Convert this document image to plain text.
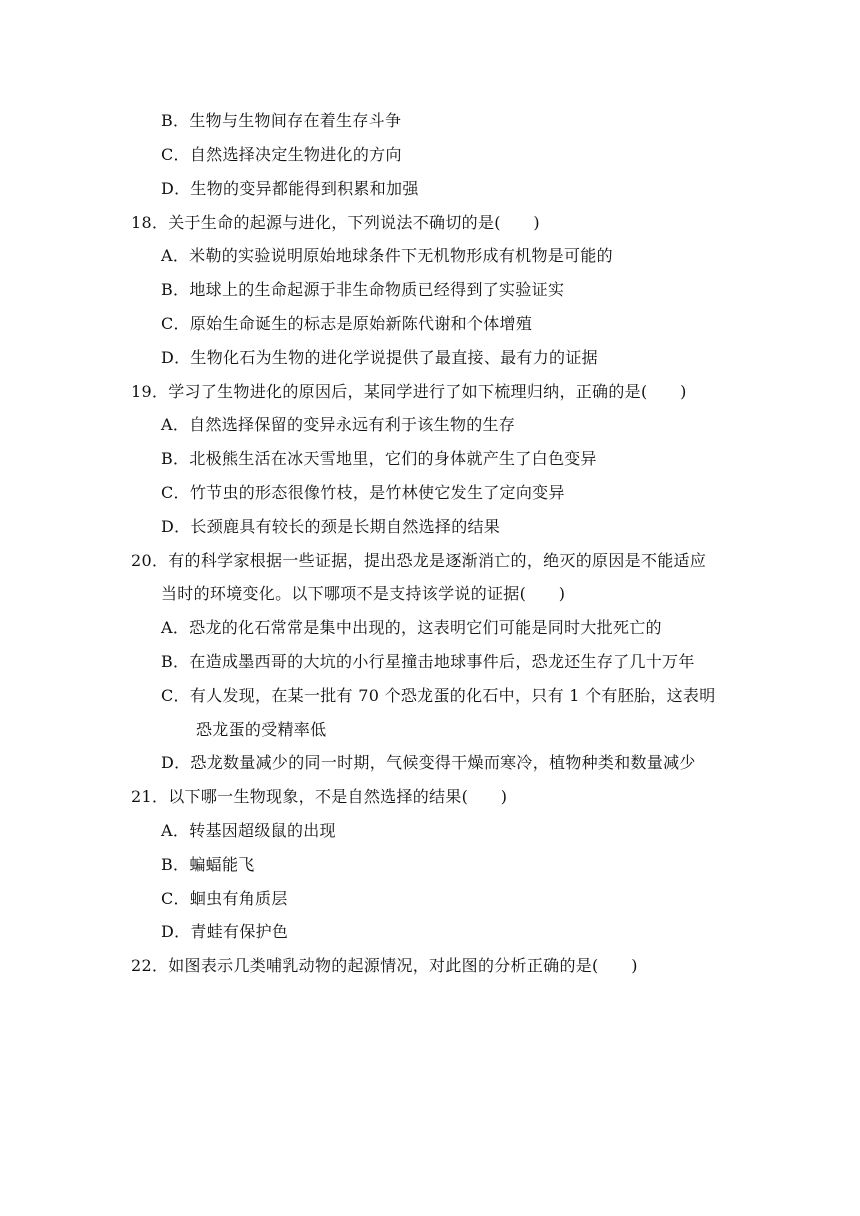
B．生物与生物间存在着生存斗争
C．自然选择决定生物进化的方向
D．生物的变异都能得到积累和加强
18．关于生命的起源与进化，下列说法不确切的是(　　)
A．米勒的实验说明原始地球条件下无机物形成有机物是可能的
B．地球上的生命起源于非生命物质已经得到了实验证实
C．原始生命诞生的标志是原始新陈代谢和个体增殖
D．生物化石为生物的进化学说提供了最直接、最有力的证据
19．学习了生物进化的原因后，某同学进行了如下梳理归纳，正确的是(　　)
A．自然选择保留的变异永远有利于该生物的生存
B．北极熊生活在冰天雪地里，它们的身体就产生了白色变异
C．竹节虫的形态很像竹枝，是竹林使它发生了定向变异
D．长颈鹿具有较长的颈是长期自然选择的结果
20．有的科学家根据一些证据，提出恐龙是逐渐消亡的，绝灭的原因是不能适应
当时的环境变化。以下哪项不是支持该学说的证据(　　)
A．恐龙的化石常常是集中出现的，这表明它们可能是同时大批死亡的
B．在造成墨西哥的大坑的小行星撞击地球事件后，恐龙还生存了几十万年
C．有人发现，在某一批有 70 个恐龙蛋的化石中，只有 1 个有胚胎，这表明
恐龙蛋的受精率低
D．恐龙数量减少的同一时期，气候变得干燥而寒冷，植物种类和数量减少
21．以下哪一生物现象，不是自然选择的结果(　　)
A．转基因超级鼠的出现
B．蝙蝠能飞
C．蛔虫有角质层
D．青蛙有保护色
22．如图表示几类哺乳动物的起源情况，对此图的分析正确的是(　　)
